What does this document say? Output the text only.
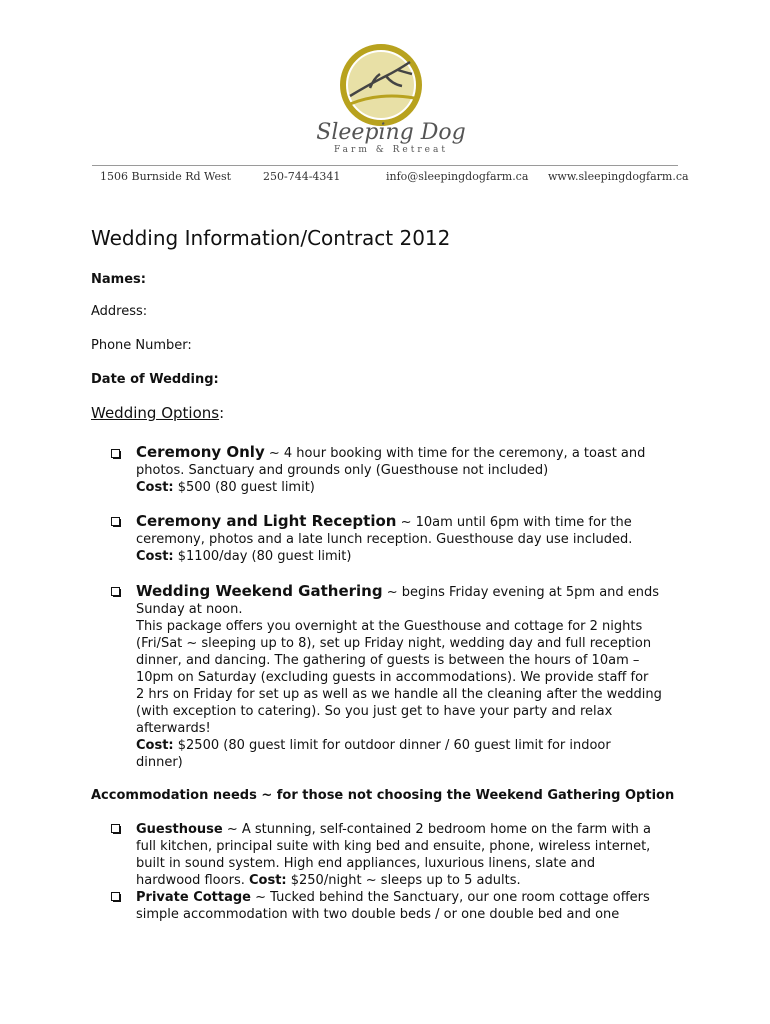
Sleeping Dog
Farm & Retreat
1506 Burnside Rd West	250-744-4341	info@sleepingdogfarm.ca www.sleepingdogfarm.ca
Wedding Information/Contract 2012
Names:
Address:
Phone Number:
Date of Wedding:
Wedding Options:
Ceremony Only ~ 4 hour booking with time for the ceremony, a toast and
photos. Sanctuary and grounds only (Guesthouse not included)
Cost: $500 (80 guest limit)
Ceremony and Light Reception ~ 10am until 6pm with time for the
ceremony, photos and a late lunch reception. Guesthouse day use included.
Cost: $1100/day (80 guest limit)
Wedding Weekend Gathering ~ begins Friday evening at 5pm and ends
Sunday at noon.
This package offers you overnight at the Guesthouse and cottage for 2 nights
(Fri/Sat ~ sleeping up to 8), set up Friday night, wedding day and full reception
dinner, and dancing. The gathering of guests is between the hours of 10am –
10pm on Saturday (excluding guests in accommodations). We provide staff for
2 hrs on Friday for set up as well as we handle all the cleaning after the wedding
(with exception to catering). So you just get to have your party and relax
afterwards!
Cost: $2500 (80 guest limit for outdoor dinner / 60 guest limit for indoor
dinner)
Accommodation needs ~ for those not choosing the Weekend Gathering Option
Guesthouse ~ A stunning, self-contained 2 bedroom home on the farm with a
full kitchen, principal suite with king bed and ensuite, phone, wireless internet,
built in sound system. High end appliances, luxurious linens, slate and
hardwood floors. Cost: $250/night ~ sleeps up to 5 adults.
Private Cottage ~ Tucked behind the Sanctuary, our one room cottage offers
simple accommodation with two double beds / or one double bed and one
